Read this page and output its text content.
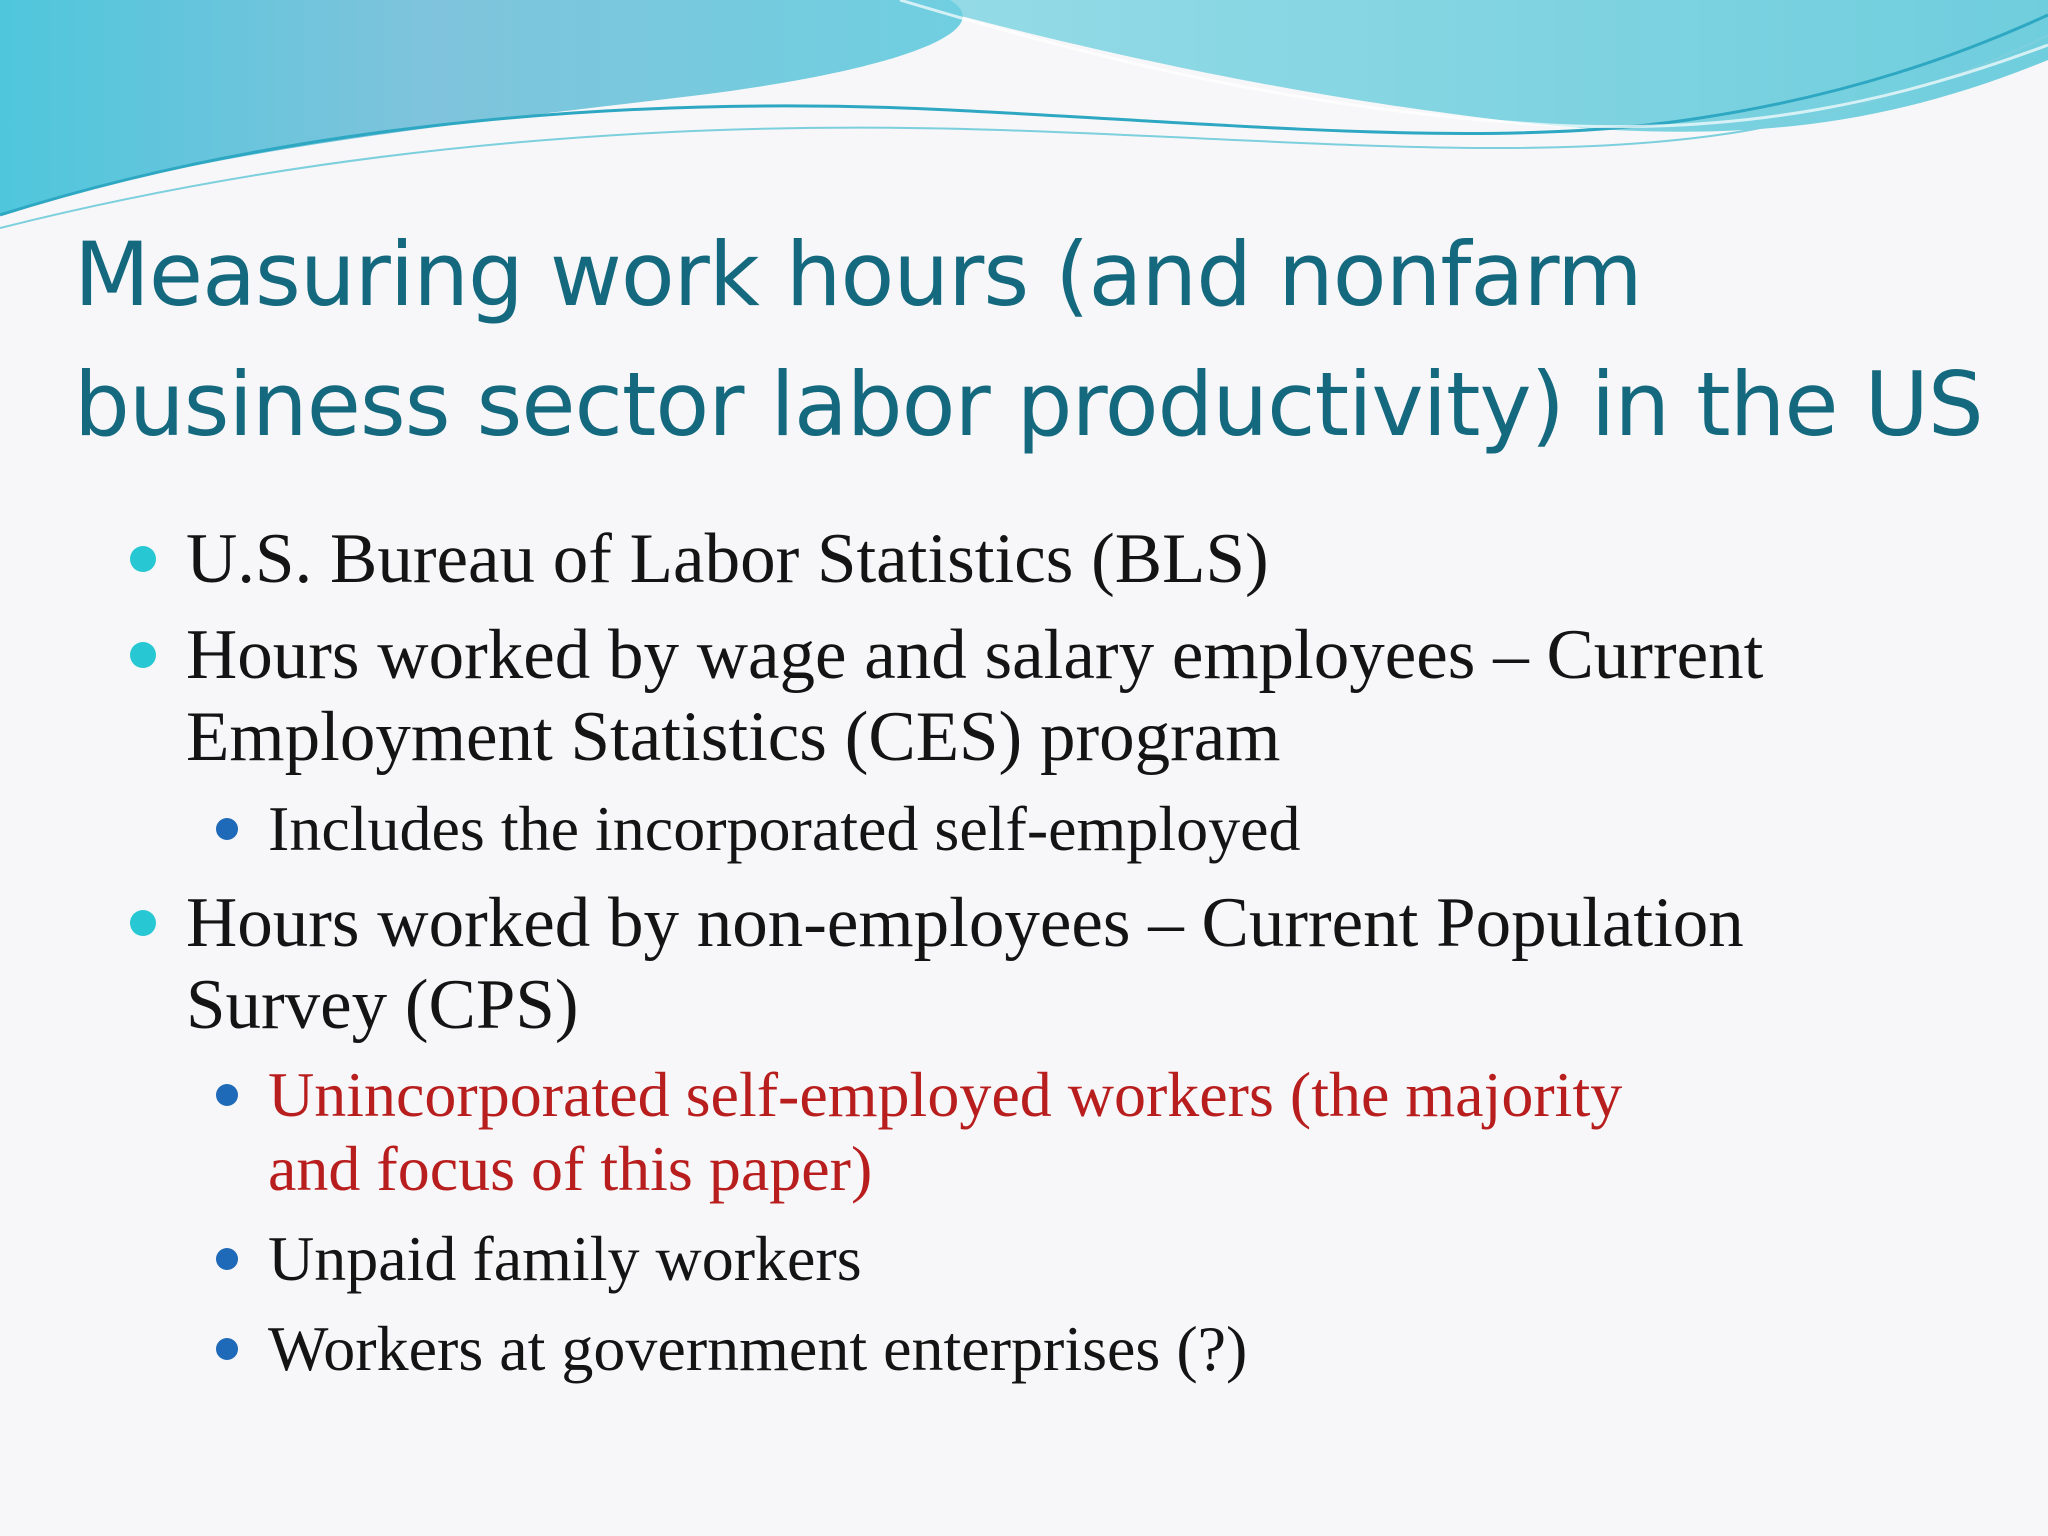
Measuring work hours (and nonfarm
business sector labor productivity) in the US
U.S. Bureau of Labor Statistics (BLS)
Hours worked by wage and salary employees – Current
Employment Statistics (CES) program
Includes the incorporated self-employed
Hours worked by non-employees – Current Population
Survey (CPS)
Unincorporated self-employed workers (the majority
and focus of this paper)
Unpaid family workers
Workers at government enterprises (?)
